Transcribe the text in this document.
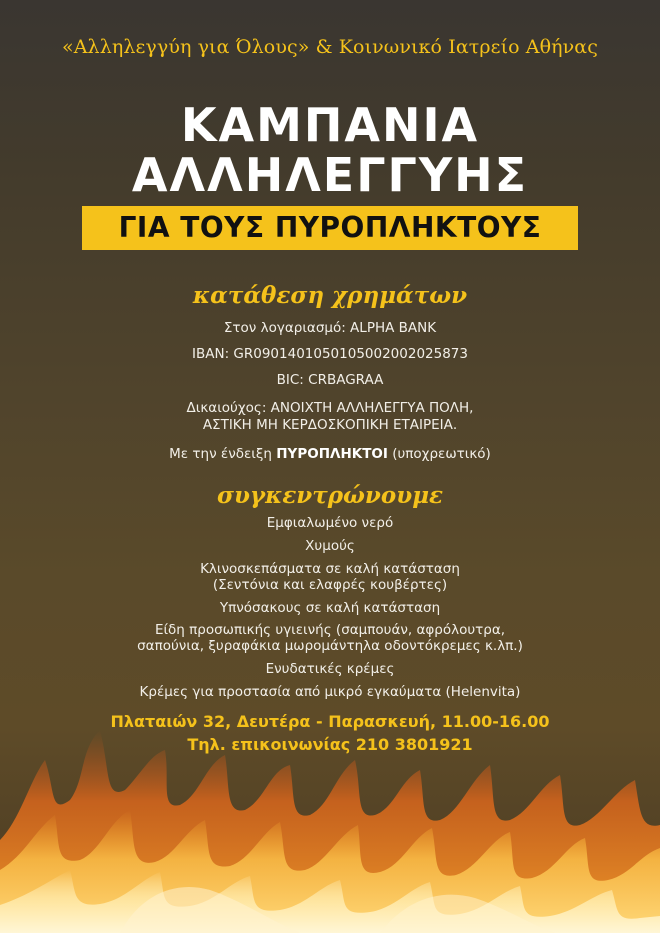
«Αλληλεγγύη για Όλους» & Κοινωνικό Ιατρείο Αθήνας
ΚΑΜΠΑΝΙΑ
ΑΛΛΗΛΕΓΓΥΗΣ
ΓΙΑ ΤΟΥΣ ΠΥΡΟΠΛΗΚΤΟΥΣ
κατάθεση χρημάτων
Στον λογαριασμό: ALPHA BANK
IBAN: GR0901401050105002002025873
BIC: CRBAGRAA
Δικαιούχος: ΑΝΟΙΧΤΗ ΑΛΛΗΛΕΓΓΥΑ ΠΟΛΗ,
ΑΣΤΙΚΗ ΜΗ ΚΕΡΔΟΣΚΟΠΙΚΗ ΕΤΑΙΡΕΙΑ.
Με την ένδειξη ΠΥΡΟΠΛΗΚΤΟΙ (υποχρεωτικό)
συγκεντρώνουμε
Εμφιαλωμένο νερό
Χυμούς
Κλινοσκεπάσματα σε καλή κατάσταση
(Σεντόνια και ελαφρές κουβέρτες)
Υπνόσακους σε καλή κατάσταση
Είδη προσωπικής υγιεινής (σαμπουάν, αφρόλουτρα,
σαπούνια, ξυραφάκια μωρομάντηλα οδοντόκρεμες κ.λπ.)
Ενυδατικές κρέμες
Κρέμες για προστασία από μικρό εγκαύματα (Helenvita)
Πλαταιών 32, Δευτέρα - Παρασκευή, 11.00-16.00
Τηλ. επικοινωνίας 210 3801921
